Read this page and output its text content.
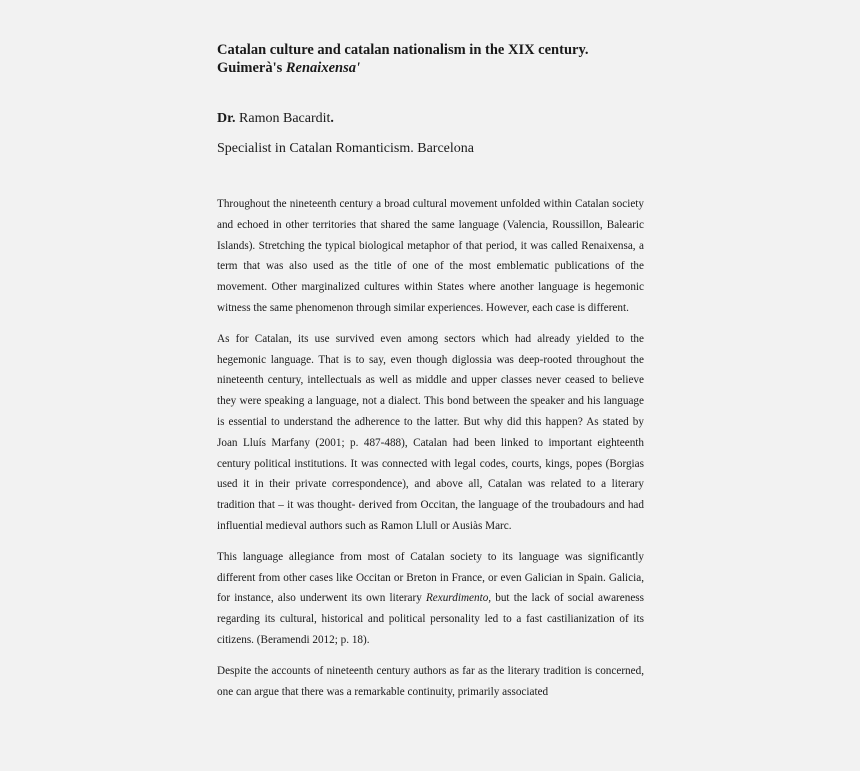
Catalan culture and catalan nationalism in the XIX century.
Guimerà's Renaixensa'
Dr. Ramon Bacardit.
Specialist in Catalan Romanticism. Barcelona

Throughout the nineteenth century a broad cultural movement unfolded within Catalan society and echoed in other territories that shared the same language (Valencia, Roussillon, Balearic Islands). Stretching the typical biological metaphor of that period, it was called Renaixensa, a term that was also used as the title of one of the most emblematic publications of the movement. Other marginalized cultures within States where another language is hegemonic witness the same phenomenon through similar experiences. However, each case is different.

As for Catalan, its use survived even among sectors which had already yielded to the hegemonic language. That is to say, even though diglossia was deep-rooted throughout the nineteenth century, intellectuals as well as middle and upper classes never ceased to believe they were speaking a language, not a dialect. This bond between the speaker and his language is essential to understand the adherence to the latter. But why did this happen? As stated by Joan Lluís Marfany (2001; p. 487-488), Catalan had been linked to important eighteenth century political institutions. It was connected with legal codes, courts, kings, popes (Borgias used it in their private correspondence), and above all, Catalan was related to a literary tradition that – it was thought- derived from Occitan, the language of the troubadours and had influential medieval authors such as Ramon Llull or Ausiàs Marc.

This language allegiance from most of Catalan society to its language was significantly different from other cases like Occitan or Breton in France, or even Galician in Spain. Galicia, for instance, also underwent its own literary Rexurdimento, but the lack of social awareness regarding its cultural, historical and political personality led to a fast castilianization of its citizens. (Beramendi 2012; p. 18).

Despite the accounts of nineteenth century authors as far as the literary tradition is concerned, one can argue that there was a remarkable continuity, primarily associated
